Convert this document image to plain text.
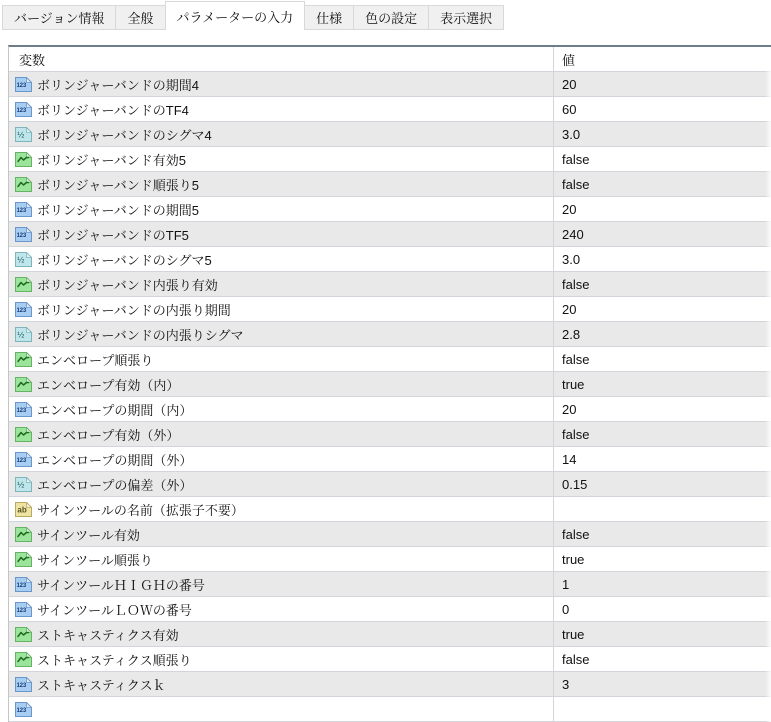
バージョン情報 全般 パラメーターの入力 仕様 色の設定 表示選択
変数	値
123 ボリンジャーバンドの期間4	20
123 ボリンジャーバンドのTF4	60
½ ボリンジャーバンドのシグマ4	3.0
ボリンジャーバンド有効5	false
ボリンジャーバンド順張り5	false
123 ボリンジャーバンドの期間5	20
123 ボリンジャーバンドのTF5	240
½ ボリンジャーバンドのシグマ5	3.0
ボリンジャーバンド内張り有効	false
123 ボリンジャーバンドの内張り期間	20
½ ボリンジャーバンドの内張りシグマ	2.8
エンベロープ順張り	false
エンベロープ有効（内）	true
123 エンベロープの期間（内）	20
エンベロープ有効（外）	false
123 エンベロープの期間（外）	14
½ エンベロープの偏差（外）	0.15
ab サインツールの名前（拡張子不要）
サインツール有効	false
サインツール順張り	true
123 サインツールＨＩＧＨの番号	1
123 サインツールＬＯＷの番号	0
ストキャスティクス有効	true
ストキャスティクス順張り	false
123 ストキャスティクスｋ	3
123
